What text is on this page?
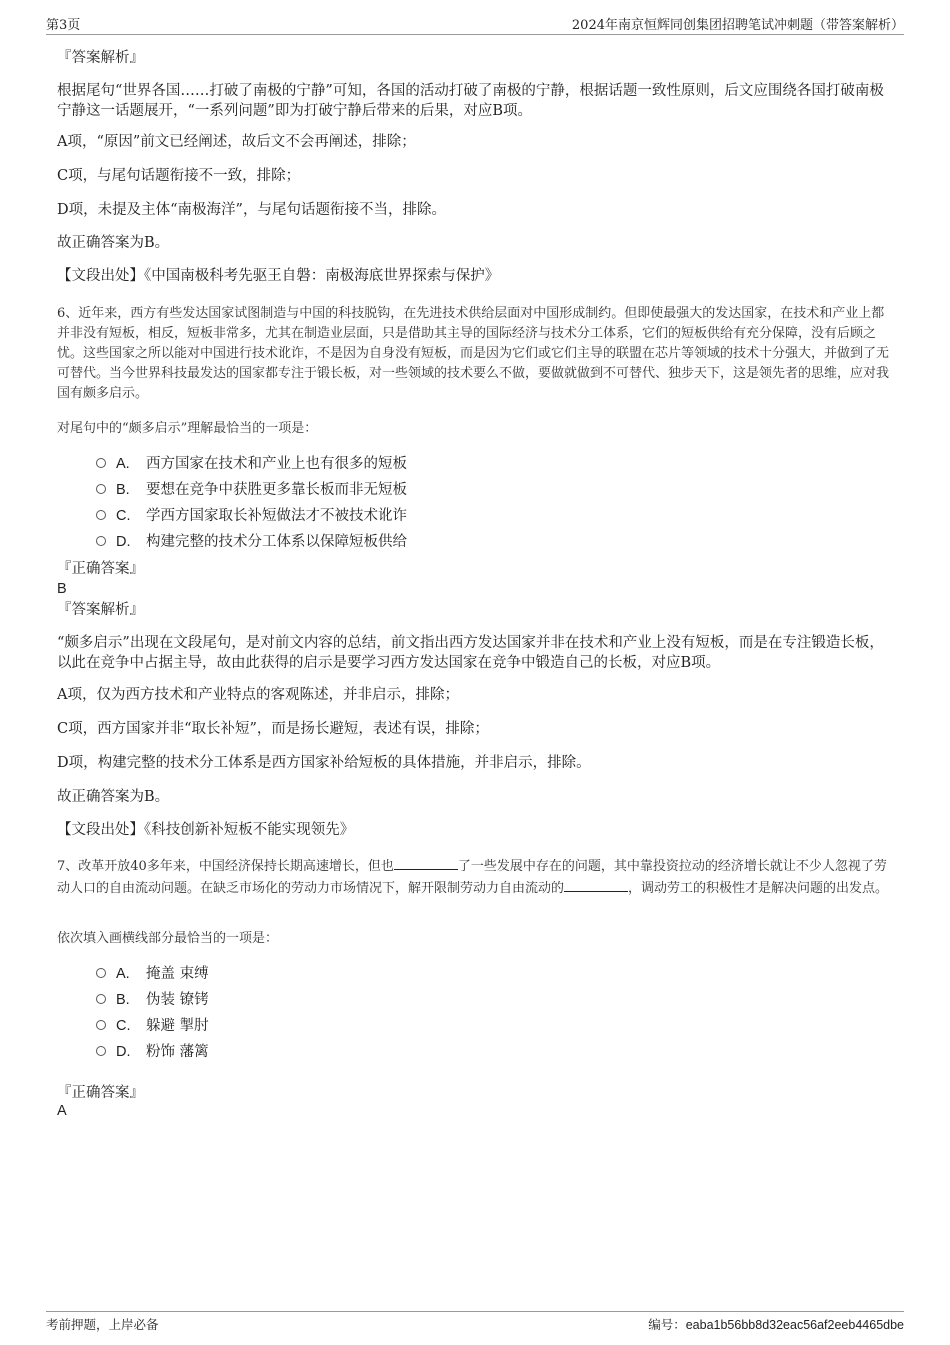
第3页	2024年南京恒辉同创集团招聘笔试冲刺题（带答案解析）
『答案解析』
根据尾句“世界各国……打破了南极的宁静”可知，各国的活动打破了南极的宁静，根据话题一致性原则，后文应围绕各国打破南极宁静这一话题展开，“一系列问题”即为打破宁静后带来的后果，对应B项。
A项，“原因”前文已经阐述，故后文不会再阐述，排除；
C项，与尾句话题衔接不一致，排除；
D项，未提及主体“南极海洋”，与尾句话题衔接不当，排除。
故正确答案为B。
【文段出处】《中国南极科考先驱王自磐：南极海底世界探索与保护》
6、近年来，西方有些发达国家试图制造与中国的科技脱钩，在先进技术供给层面对中国形成制约。但即使最强大的发达国家，在技术和产业上都并非没有短板，相反，短板非常多，尤其在制造业层面，只是借助其主导的国际经济与技术分工体系，它们的短板供给有充分保障，没有后顾之忧。这些国家之所以能对中国进行技术讹诈，不是因为自身没有短板，而是因为它们或它们主导的联盟在芯片等领域的技术十分强大，并做到了无可替代。当今世界科技最发达的国家都专注于锻长板，对一些领域的技术要么不做，要做就做到不可替代、独步天下，这是领先者的思维，应对我国有颇多启示。
对尾句中的“颇多启示”理解最恰当的一项是：
A. 西方国家在技术和产业上也有很多的短板
B. 要想在竞争中获胜更多靠长板而非无短板
C. 学西方国家取长补短做法才不被技术讹诈
D. 构建完整的技术分工体系以保障短板供给
『正确答案』
B
『答案解析』
“颇多启示”出现在文段尾句，是对前文内容的总结，前文指出西方发达国家并非在技术和产业上没有短板，而是在专注锻造长板，以此在竞争中占据主导，故由此获得的启示是要学习西方发达国家在竞争中锻造自己的长板，对应B项。
A项，仅为西方技术和产业特点的客观陈述，并非启示，排除；
C项，西方国家并非“取长补短”，而是扬长避短，表述有误，排除；
D项，构建完整的技术分工体系是西方国家补给短板的具体措施，并非启示，排除。
故正确答案为B。
【文段出处】《科技创新补短板不能实现领先》
7、改革开放40多年来，中国经济保持长期高速增长，但也	了一些发展中存在的问题，其中靠投资拉动的经济增长就让不少人忽视了劳动人口的自由流动问题。在缺乏市场化的劳动力市场情况下，解开限制劳动力自由流动的	，调动劳工的积极性才是解决问题的出发点。
依次填入画横线部分最恰当的一项是：
A. 掩盖 束缚
B. 伪装 镣铐
C. 躲避 掣肘
D. 粉饰 藩篱
『正确答案』
A
考前押题，上岸必备	编号：eaba1b56bb8d32eac56af2eeb4465dbe
